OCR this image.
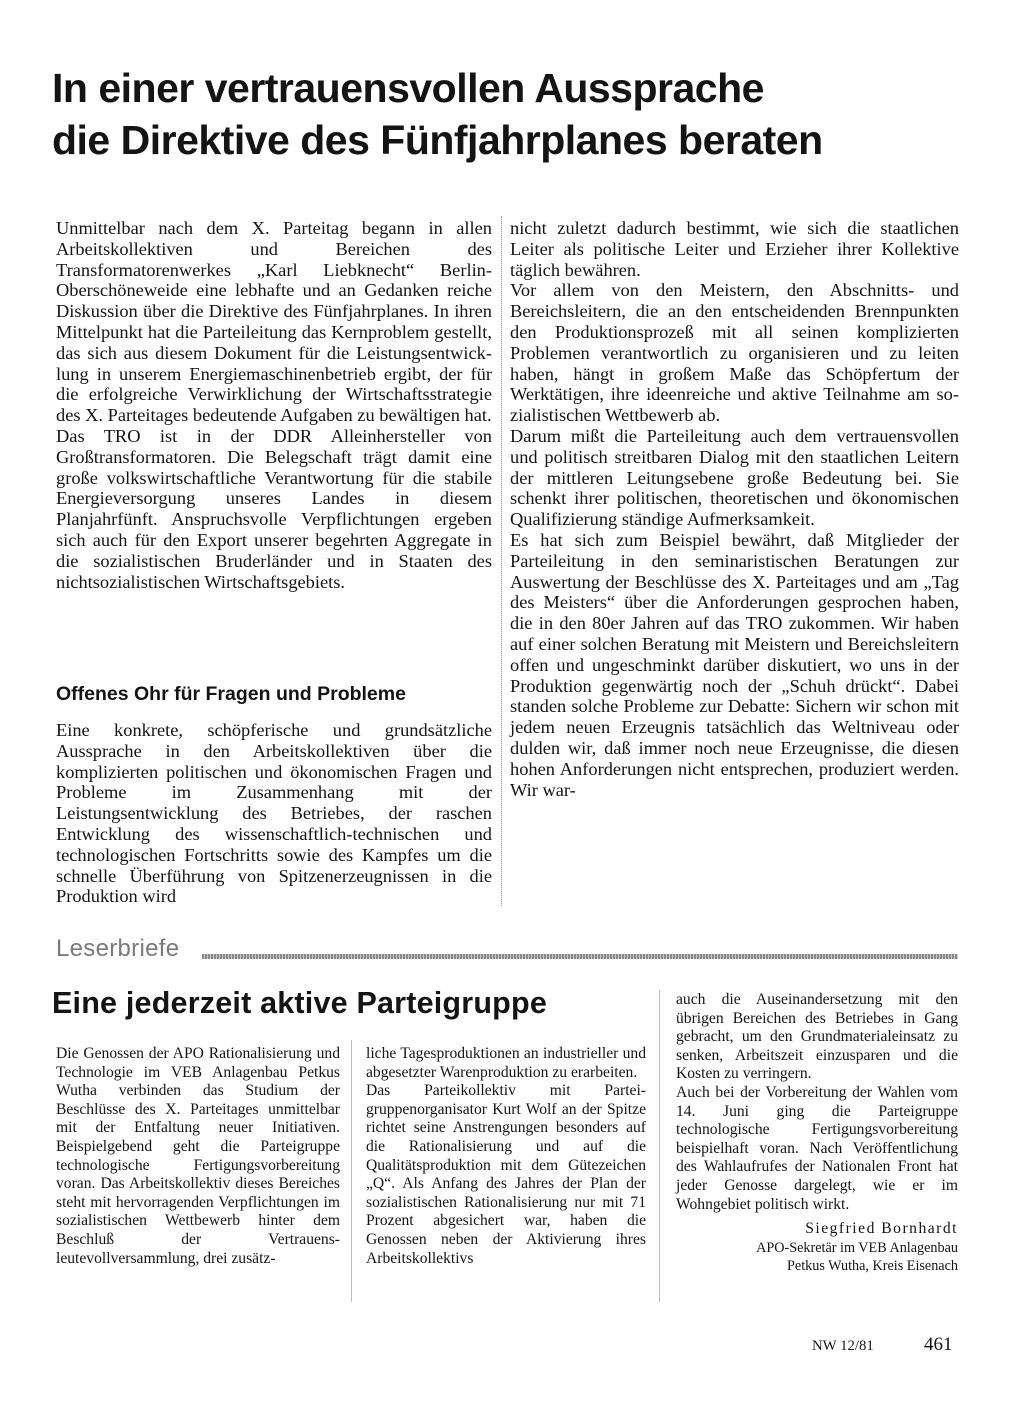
In einer vertrauensvollen Aussprache
die Direktive des Fünfjahrplanes beraten

Unmittelbar nach dem X. Parteitag begann in allen Arbeitskollektiven und Bereichen des Transformatorenwerkes „Karl Liebknecht“ Berlin-Oberschöneweide eine lebhafte und an Gedanken reiche Diskussion über die Direktive des Fünfjahrplanes. In ihren Mittelpunkt hat die Parteileitung das Kernproblem gestellt, das sich aus diesem Dokument für die Leistungsentwicklung in unserem Energiemaschinenbetrieb ergibt, der für die erfolgreiche Verwirklichung der Wirtschaftsstrategie des X. Parteitages bedeutende Aufgaben zu bewältigen hat.

Das TRO ist in der DDR Alleinhersteller von Großtransformatoren. Die Belegschaft trägt damit eine große volkswirtschaftliche Verantwortung für die stabile Energieversorgung unseres Landes in diesem Planjahrfünft. Anspruchsvolle Verpflichtungen ergeben sich auch für den Export unserer begehrten Aggregate in die sozialistischen Bruderländer und in Staaten des nichtsozialistischen Wirtschaftsgebiets.

Offenes Ohr für Fragen und Probleme

Eine konkrete, schöpferische und grundsätzliche Aussprache in den Arbeitskollektiven über die komplizierten politischen und ökonomischen Fragen und Probleme im Zusammenhang mit der Leistungsentwicklung des Betriebes, der raschen Entwicklung des wissenschaftlich-technischen und technologischen Fortschritts sowie des Kampfes um die schnelle Überführung von Spitzenerzeugnissen in die Produktion wird

nicht zuletzt dadurch bestimmt, wie sich die staatlichen Leiter als politische Leiter und Erzieher ihrer Kollektive täglich bewähren.

Vor allem von den Meistern, den Abschnitts- und Bereichsleitern, die an den entscheidenden Brennpunkten den Produktionsprozeß mit all seinen komplizierten Problemen verantwortlich zu organisieren und zu leiten haben, hängt in großem Maße das Schöpfertum der Werktätigen, ihre ideenreiche und aktive Teilnahme am sozialistischen Wettbewerb ab.

Darum mißt die Parteileitung auch dem vertrauensvollen und politisch streitbaren Dialog mit den staatlichen Leitern der mittleren Leitungsebene große Bedeutung bei. Sie schenkt ihrer politischen, theoretischen und ökonomischen Qualifizierung ständige Aufmerksamkeit.

Es hat sich zum Beispiel bewährt, daß Mitglieder der Parteileitung in den seminaristischen Beratungen zur Auswertung der Beschlüsse des X. Parteitages und am „Tag des Meisters“ über die Anforderungen gesprochen haben, die in den 80er Jahren auf das TRO zukommen. Wir haben auf einer solchen Beratung mit Meistern und Bereichsleitern offen und ungeschminkt darüber diskutiert, wo uns in der Produktion gegenwärtig noch der „Schuh drückt“. Dabei standen solche Probleme zur Debatte: Sichern wir schon mit jedem neuen Erzeugnis tatsächlich das Weltniveau oder dulden wir, daß immer noch neue Erzeugnisse, die diesen hohen Anforderungen nicht entsprechen, produziert werden. Wir war-

Leserbriefe
Eine jederzeit aktive Parteigruppe

Die Genossen der APO Rationalisierung und Technologie im VEB Anlagenbau Petkus Wutha verbinden das Studium der Beschlüsse des X. Parteitages unmittelbar mit der Entfaltung neuer Initiativen. Beispielgebend geht die Parteigruppe technologische Fertigungsvorbereitung voran. Das Arbeitskollektiv dieses Bereiches steht mit hervorragenden Verpflichtungen im sozialistischen Wettbewerb hinter dem Beschluß der Vertrauensleutevollversammlung, drei zusätz-

liche Tagesproduktionen an industrieller und abgesetzter Warenproduktion zu erarbeiten.

Das Parteikollektiv mit Parteigruppenorganisator Kurt Wolf an der Spitze richtet seine Anstrengungen besonders auf die Rationalisierung und auf die Qualitätsproduktion mit dem Gütezeichen „Q“. Als Anfang des Jahres der Plan der sozialistischen Rationalisierung nur mit 71 Prozent abgesichert war, haben die Genossen neben der Aktivierung ihres Arbeitskollektivs

auch die Auseinandersetzung mit den übrigen Bereichen des Betriebes in Gang gebracht, um den Grundmaterialeinsatz zu senken, Arbeitszeit einzusparen und die Kosten zu verringern.

Auch bei der Vorbereitung der Wahlen vom 14. Juni ging die Parteigruppe technologische Fertigungsvorbereitung beispielhaft voran. Nach Veröffentlichung des Wahlaufrufes der Nationalen Front hat jeder Genosse dargelegt, wie er im Wohngebiet politisch wirkt.

Siegfried Bornhardt
APO-Sekretär im VEB Anlagenbau
Petkus Wutha, Kreis Eisenach

NW 12/81	461
